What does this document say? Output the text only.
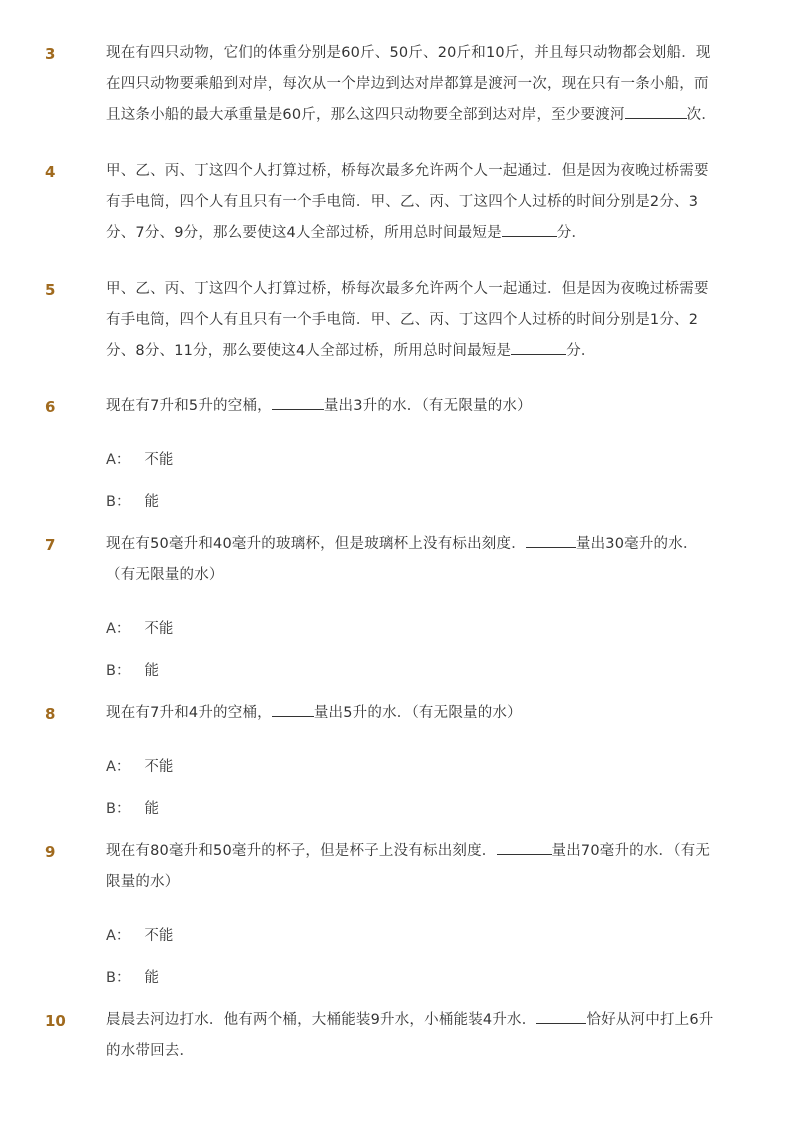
3	现在有四只动物，它们的体重分别是60斤、50斤、20斤和10斤，并且每只动物都会划船．现在四只动物要乘船到对岸，每次从一个岸边到达对岸都算是渡河一次，现在只有一条小船，而且这条小船的最大承重量是60斤，那么这四只动物要全部到达对岸，至少要渡河	次．
4	甲、乙、丙、丁这四个人打算过桥，桥每次最多允许两个人一起通过．但是因为夜晚过桥需要有手电筒，四个人有且只有一个手电筒．甲、乙、丙、丁这四个人过桥的时间分别是2分、3分、7分、9分，那么要使这4人全部过桥，所用总时间最短是	分．
5	甲、乙、丙、丁这四个人打算过桥，桥每次最多允许两个人一起通过．但是因为夜晚过桥需要有手电筒，四个人有且只有一个手电筒．甲、乙、丙、丁这四个人过桥的时间分别是1分、2分、8分、11分，那么要使这4人全部过桥，所用总时间最短是	分．
6	现在有7升和5升的空桶，	量出3升的水．（有无限量的水）
A： 不能
B： 能
7	现在有50毫升和40毫升的玻璃杯，但是玻璃杯上没有标出刻度．	量出30毫升的水．（有无限量的水）
A： 不能
B： 能
8	现在有7升和4升的空桶，	量出5升的水．（有无限量的水）
A： 不能
B： 能
9	现在有80毫升和50毫升的杯子，但是杯子上没有标出刻度．	量出70毫升的水．（有无限量的水）
A： 不能
B： 能
10	晨晨去河边打水．他有两个桶，大桶能装9升水，小桶能装4升水．	恰好从河中打上6升的水带回去．
